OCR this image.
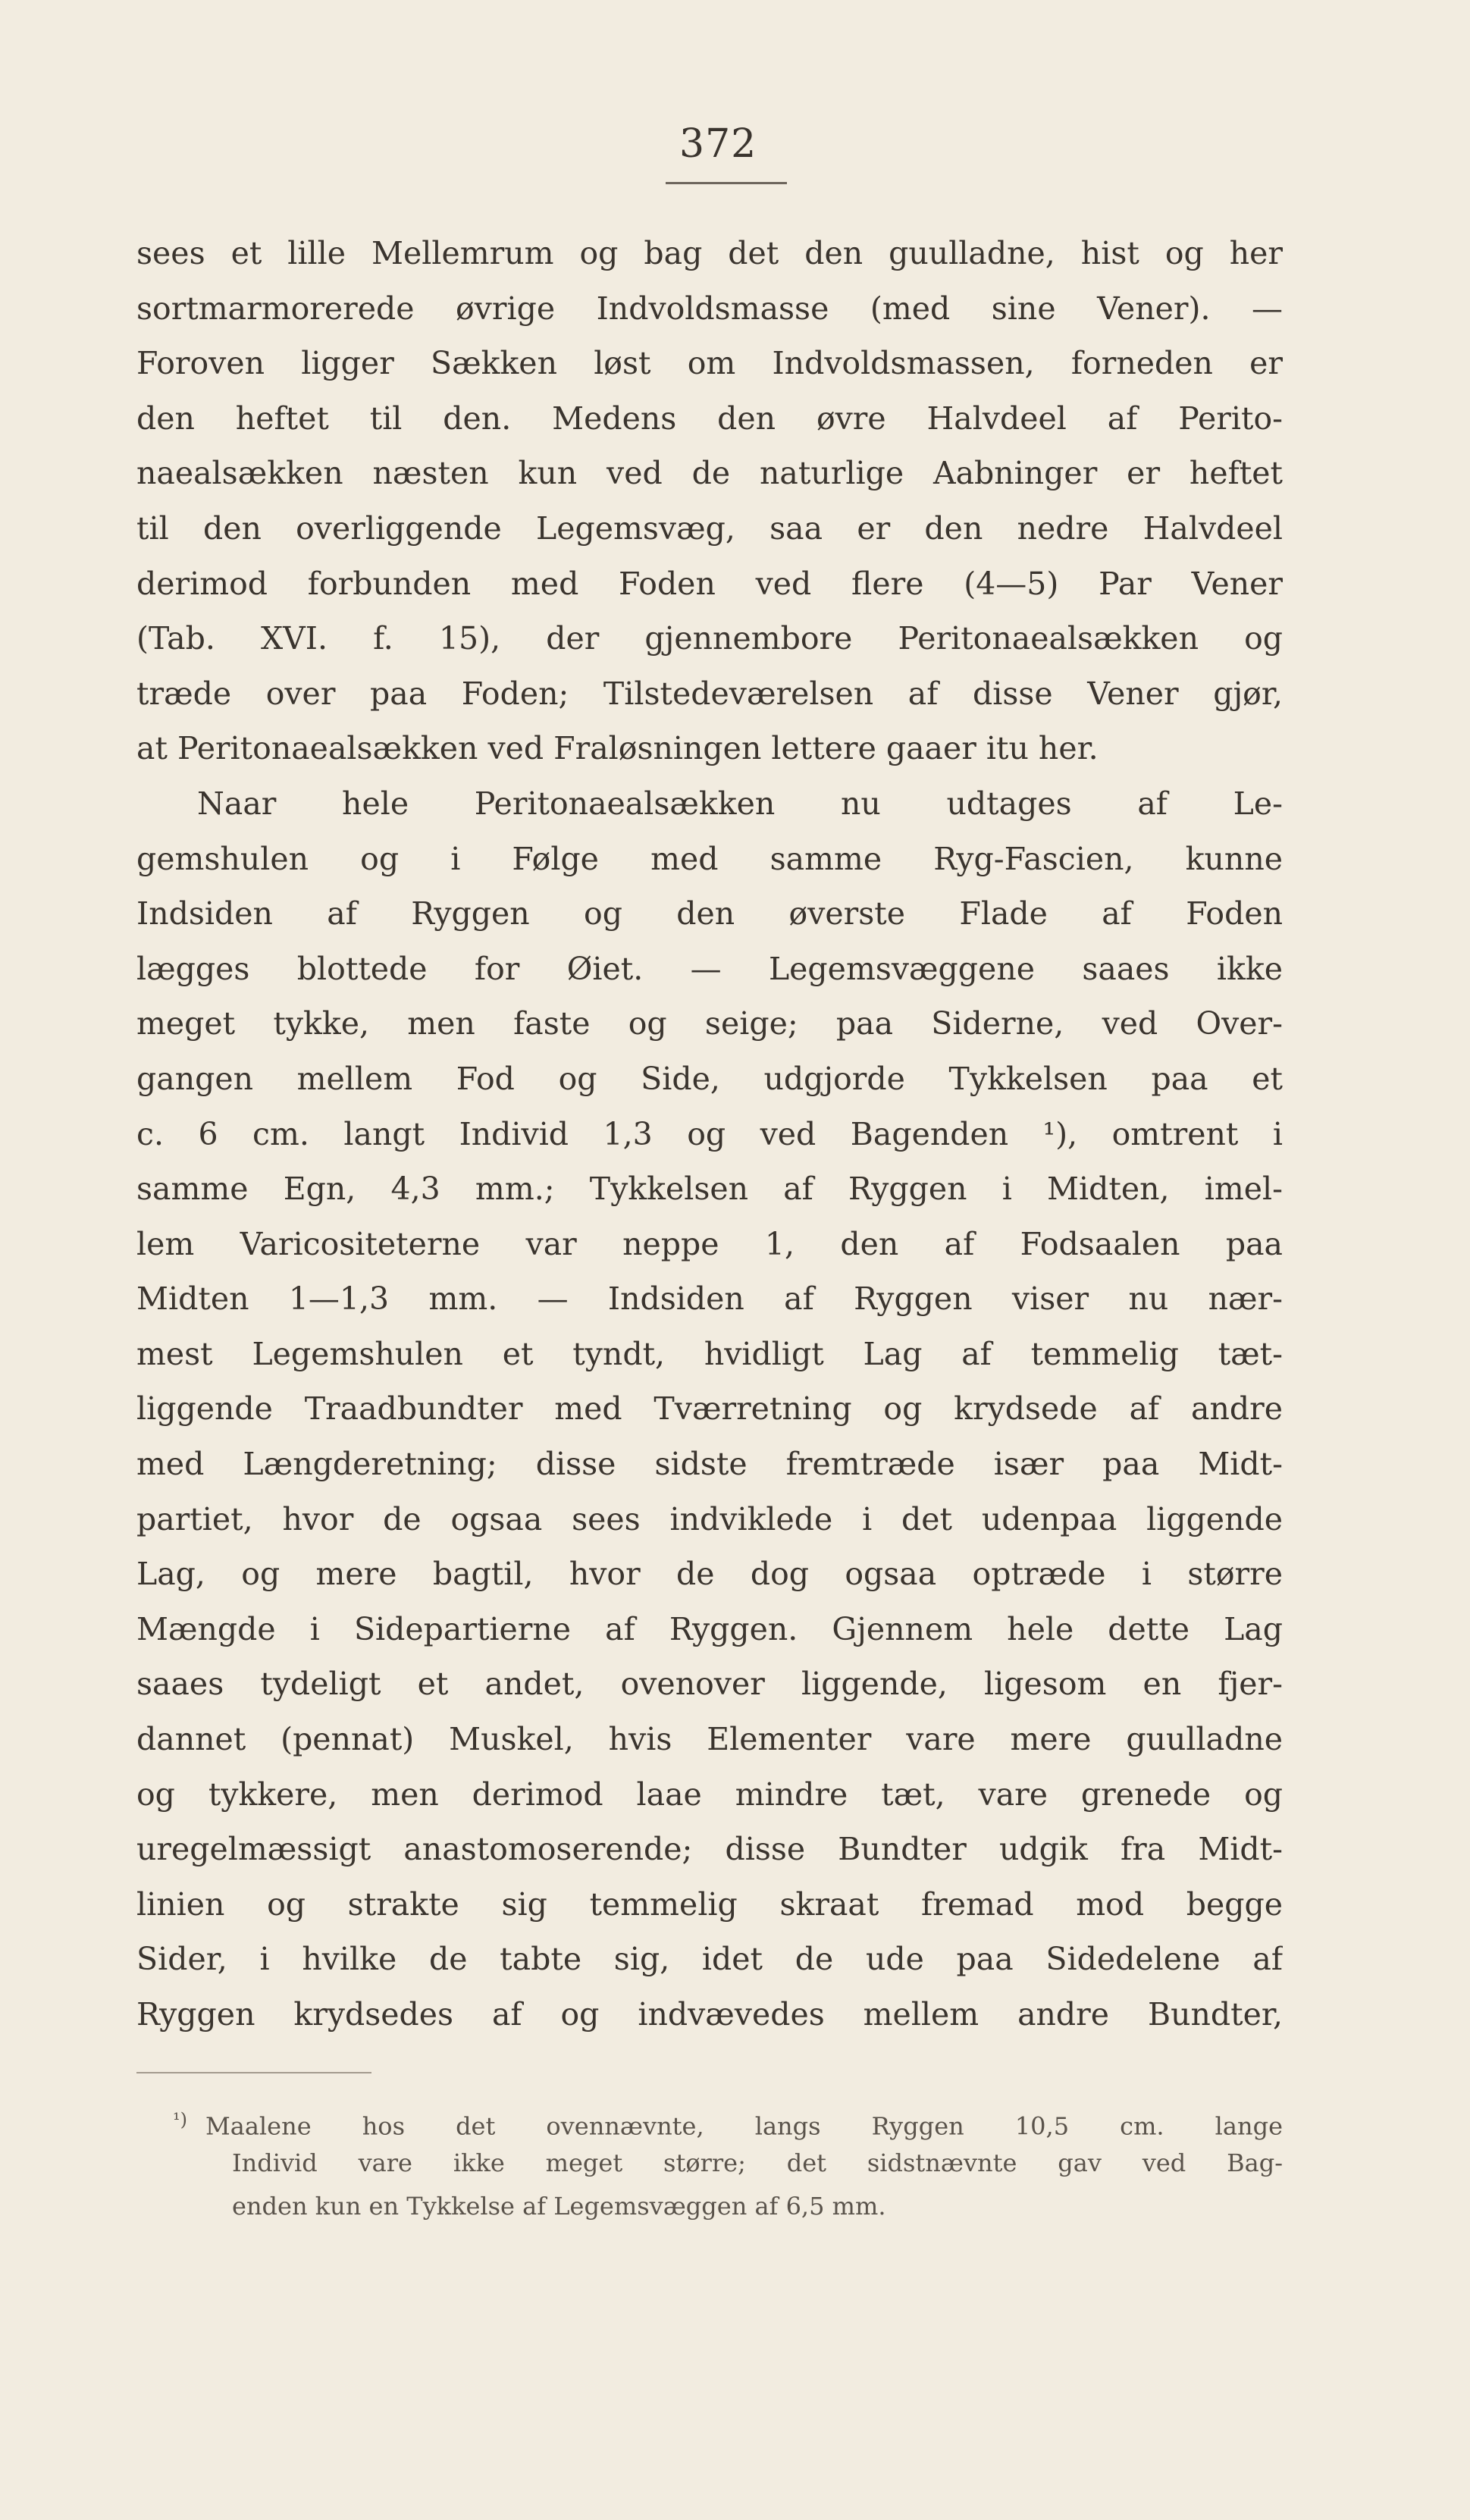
372
sees et lille Mellemrum og bag det den guulladne, hist og her
sortmarmorerede øvrige Indvoldsmasse (med sine Vener). —
Foroven ligger Sækken løst om Indvoldsmassen, forneden er
den heftet til den. Medens den øvre Halvdeel af Perito-
naealsækken næsten kun ved de naturlige Aabninger er heftet
til den overliggende Legemsvæg, saa er den nedre Halvdeel
derimod forbunden med Foden ved flere (4—5) Par Vener
(Tab. XVI. f. 15), der gjennembore Peritonaealsækken og
træde over paa Foden; Tilstedeværelsen af disse Vener gjør,
at Peritonaealsækken ved Fraløsningen lettere gaaer itu her.
Naar hele Peritonaealsækken nu udtages af Le-
gemshulen og i Følge med samme Ryg-Fascien, kunne
Indsiden af Ryggen og den øverste Flade af Foden
lægges blottede for Øiet. — Legemsvæggene saaes ikke
meget tykke, men faste og seige; paa Siderne, ved Over-
gangen mellem Fod og Side, udgjorde Tykkelsen paa et
c. 6 cm. langt Individ 1,3 og ved Bagenden ¹), omtrent i
samme Egn, 4,3 mm.; Tykkelsen af Ryggen i Midten, imel-
lem Varicositeterne var neppe 1, den af Fodsaalen paa
Midten 1—1,3 mm. — Indsiden af Ryggen viser nu nær-
mest Legemshulen et tyndt, hvidligt Lag af temmelig tæt-
liggende Traadbundter med Tværretning og krydsede af andre
med Længderetning; disse sidste fremtræde især paa Midt-
partiet, hvor de ogsaa sees indviklede i det udenpaa liggende
Lag, og mere bagtil, hvor de dog ogsaa optræde i større
Mængde i Sidepartierne af Ryggen. Gjennem hele dette Lag
saaes tydeligt et andet, ovenover liggende, ligesom en fjer-
dannet (pennat) Muskel, hvis Elementer vare mere guulladne
og tykkere, men derimod laae mindre tæt, vare grenede og
uregelmæssigt anastomoserende; disse Bundter udgik fra Midt-
linien og strakte sig temmelig skraat fremad mod begge
Sider, i hvilke de tabte sig, idet de ude paa Sidedelene af
Ryggen krydsedes af og indvævedes mellem andre Bundter,
$^{^1)}$ Maalene hos det ovennævnte, langs Ryggen 10,5 cm. lange
Individ vare ikke meget større; det sidstnævnte gav ved Bag-
enden kun en Tykkelse af Legemsvæggen af 6,5 mm.
